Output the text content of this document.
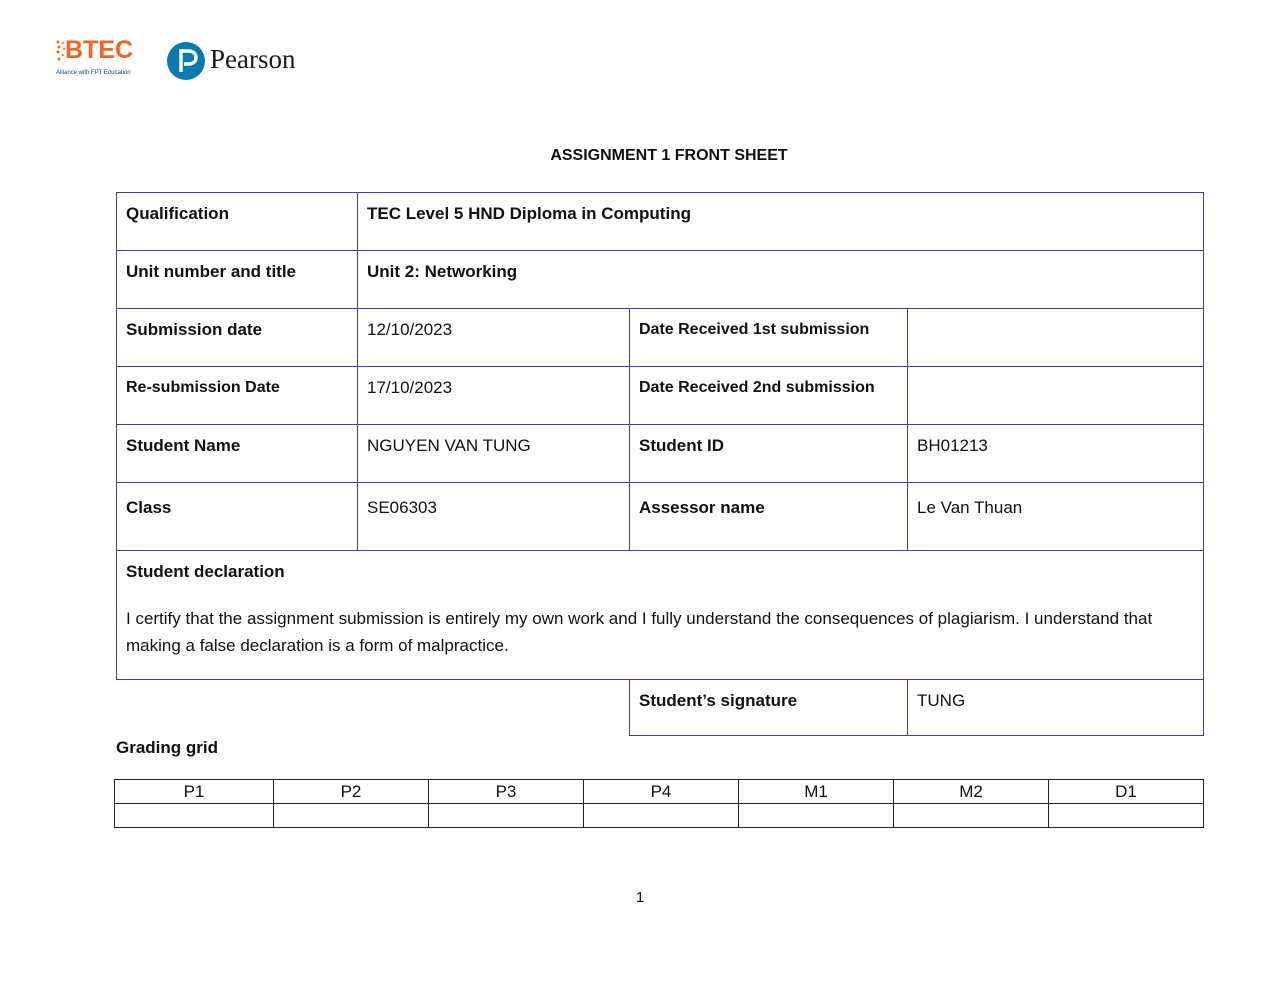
BTEC
Alliance with FPT Education	Pearson
ASSIGNMENT 1 FRONT SHEET
Qualification	TEC Level 5 HND Diploma in Computing		
Unit number and title	Unit 2: Networking		
Submission date	12/10/2023	Date Received 1st submission	
Re-submission Date	17/10/2023	Date Received 2nd submission	
Student Name	NGUYEN VAN TUNG	Student ID	BH01213
Class	SE06303	Assessor name	Le Van Thuan

Student declaration
I certify that the assignment submission is entirely my own work and I fully understand the consequences of plagiarism. I understand that making a false declaration is a form of malpractice.			

		Student’s signature	TUNG
Grading grid
P1	P2	P3	P4	M1	M2	D1

1
